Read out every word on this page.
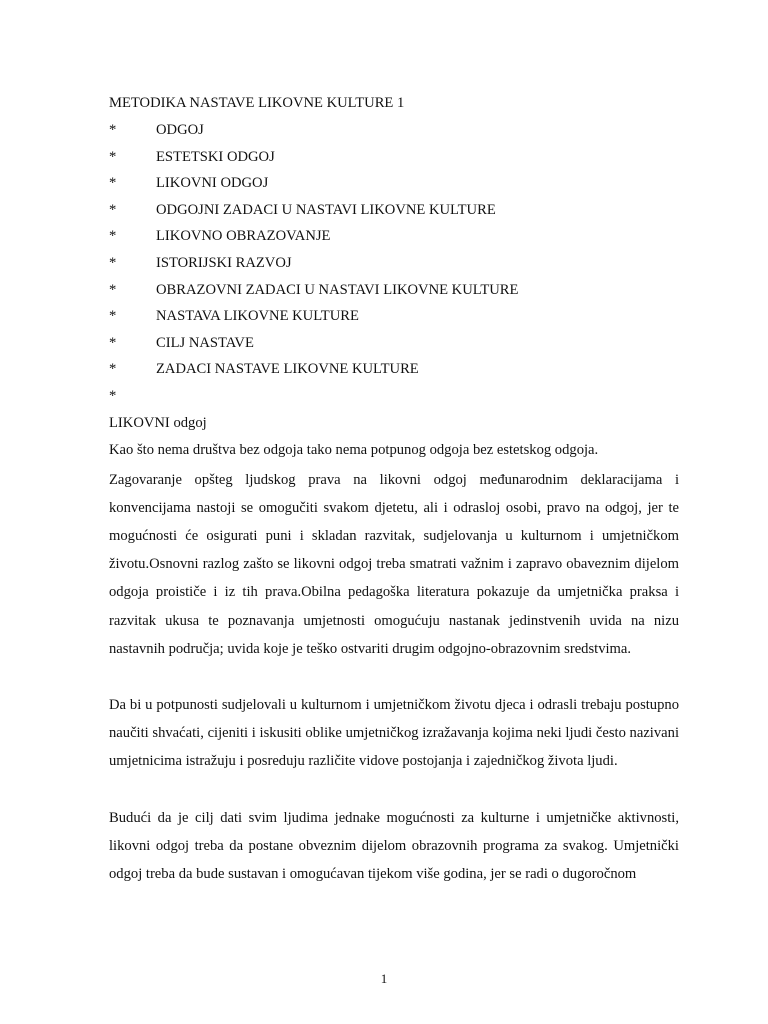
METODIKA NASTAVE LIKOVNE KULTURE 1
*	ODGOJ
*	ESTETSKI ODGOJ
*	LIKOVNI ODGOJ
*	ODGOJNI ZADACI U NASTAVI LIKOVNE KULTURE
*	LIKOVNO OBRAZOVANJE
*	ISTORIJSKI RAZVOJ
*	OBRAZOVNI ZADACI U NASTAVI LIKOVNE KULTURE
*	NASTAVA LIKOVNE KULTURE
*	CILJ NASTAVE
*	ZADACI NASTAVE LIKOVNE KULTURE
*
LIKOVNI odgoj
Kao što nema društva bez odgoja tako nema potpunog odgoja bez estetskog odgoja.

Zagovaranje opšteg ljudskog prava na likovni odgoj međunarodnim deklaracijama i konvencijama nastoji se omogučiti svakom djetetu, ali i odrasloj osobi, pravo na odgoj, jer te mogućnosti će osigurati puni i skladan razvitak, sudjelovanja u kulturnom i umjetničkom životu.Osnovni razlog zašto se likovni odgoj treba smatrati važnim i zapravo obaveznim dijelom odgoja proističe i iz tih prava.Obilna pedagoška literatura pokazuje da umjetnička praksa i razvitak ukusa te poznavanja umjetnosti omogućuju nastanak jedinstvenih uvida na nizu nastavnih područja; uvida koje je teško ostvariti drugim odgojno-obrazovnim sredstvima.

Da bi u potpunosti sudjelovali u kulturnom i umjetničkom životu djeca i odrasli trebaju postupno naučiti shvaćati, cijeniti i iskusiti oblike umjetničkog izražavanja kojima neki ljudi često nazivani umjetnicima istražuju i posreduju različite vidove postojanja i zajedničkog života ljudi.

Budući da je cilj dati svim ljudima jednake mogućnosti za kulturne i umjetničke aktivnosti, likovni odgoj treba da postane obveznim dijelom obrazovnih programa za svakog. Umjetnički odgoj treba da bude sustavan i omogućavan tijekom više godina, jer se radi o dugoročnom

1
